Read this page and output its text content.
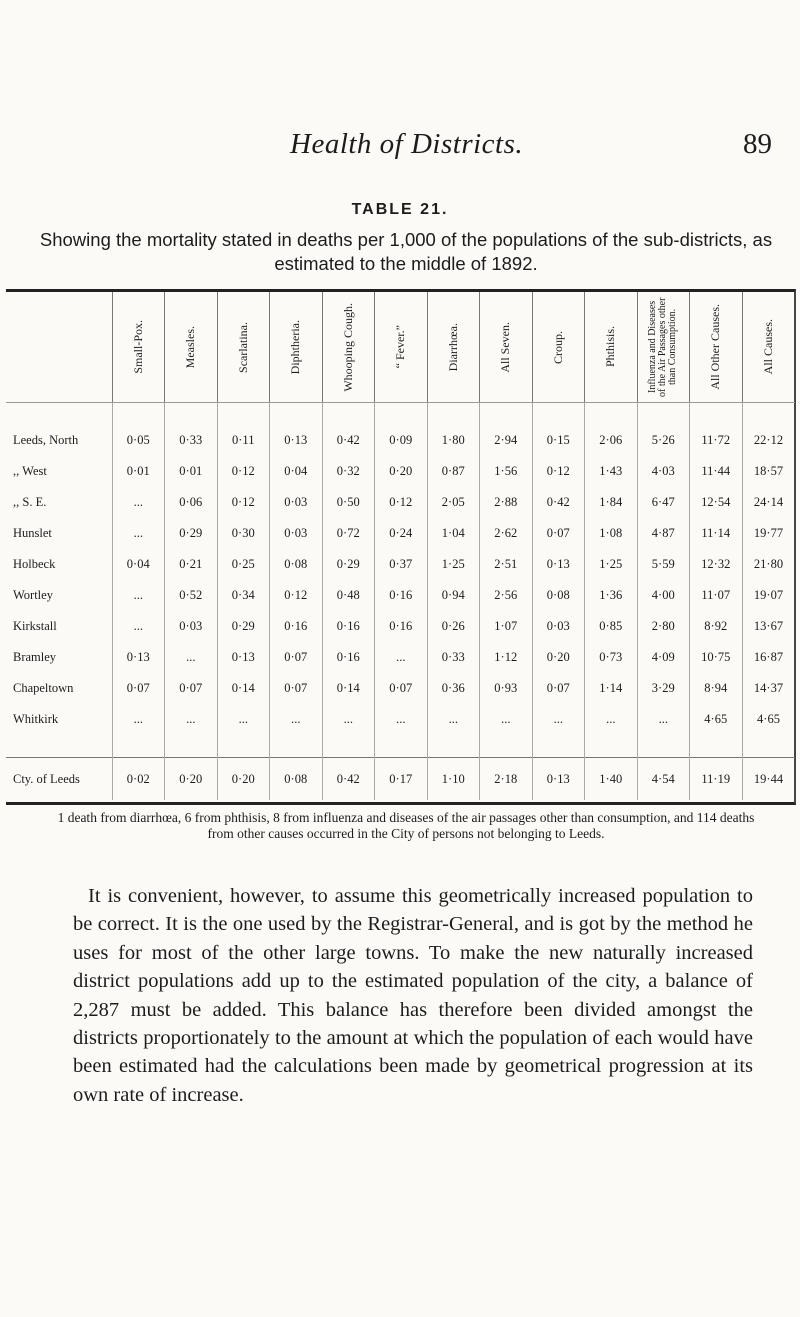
Health of Districts.	89
TABLE 21.
Showing the mortality stated in deaths per 1,000 of the populations of the sub-districts, as estimated to the middle of 1892.

	Small-Pox.	Measles.	Scarlatina.	Diphtheria.	Whooping Cough.	“ Fever.”	Diarrhœa.	All Seven.	Croup.	Phthisis.	Influenza and Diseases of the Air Passages other than Consumption.	All Other Causes.	All Causes.

Leeds, North	0·05	0·33	0·11	0·13	0·42	0·09	1·80	2·94	0·15	2·06	5·26	11·72	22·12
,, West	0·01	0·01	0·12	0·04	0·32	0·20	0·87	1·56	0·12	1·43	4·03	11·44	18·57
,, S. E.	...	0·06	0·12	0·03	0·50	0·12	2·05	2·88	0·42	1·84	6·47	12·54	24·14
Hunslet	...	0·29	0·30	0·03	0·72	0·24	1·04	2·62	0·07	1·08	4·87	11·14	19·77
Holbeck	0·04	0·21	0·25	0·08	0·29	0·37	1·25	2·51	0·13	1·25	5·59	12·32	21·80
Wortley	...	0·52	0·34	0·12	0·48	0·16	0·94	2·56	0·08	1·36	4·00	11·07	19·07
Kirkstall	...	0·03	0·29	0·16	0·16	0·16	0·26	1·07	0·03	0·85	2·80	8·92	13·67
Bramley	0·13	...	0·13	0·07	0·16	...	0·33	1·12	0·20	0·73	4·09	10·75	16·87
Chapeltown	0·07	0·07	0·14	0·07	0·14	0·07	0·36	0·93	0·07	1·14	3·29	8·94	14·37
Whitkirk	...	...	...	...	...	...	...	...	...	...	...	4·65	4·65

Cty. of Leeds	0·02	0·20	0·20	0·08	0·42	0·17	1·10	2·18	0·13	1·40	4·54	11·19	19·44
1 death from diarrhœa, 6 from phthisis, 8 from influenza and diseases of the air passages other than consumption, and 114 deaths from other causes occurred in the City of persons not belonging to Leeds.
It is convenient, however, to assume this geometrically increased population to be correct. It is the one used by the Registrar-General, and is got by the method he uses for most of the other large towns. To make the new naturally increased district populations add up to the estimated population of the city, a balance of 2,287 must be added. This balance has therefore been divided amongst the districts proportionately to the amount at which the population of each would have been estimated had the calculations been made by geometrical progression at its own rate of increase.
